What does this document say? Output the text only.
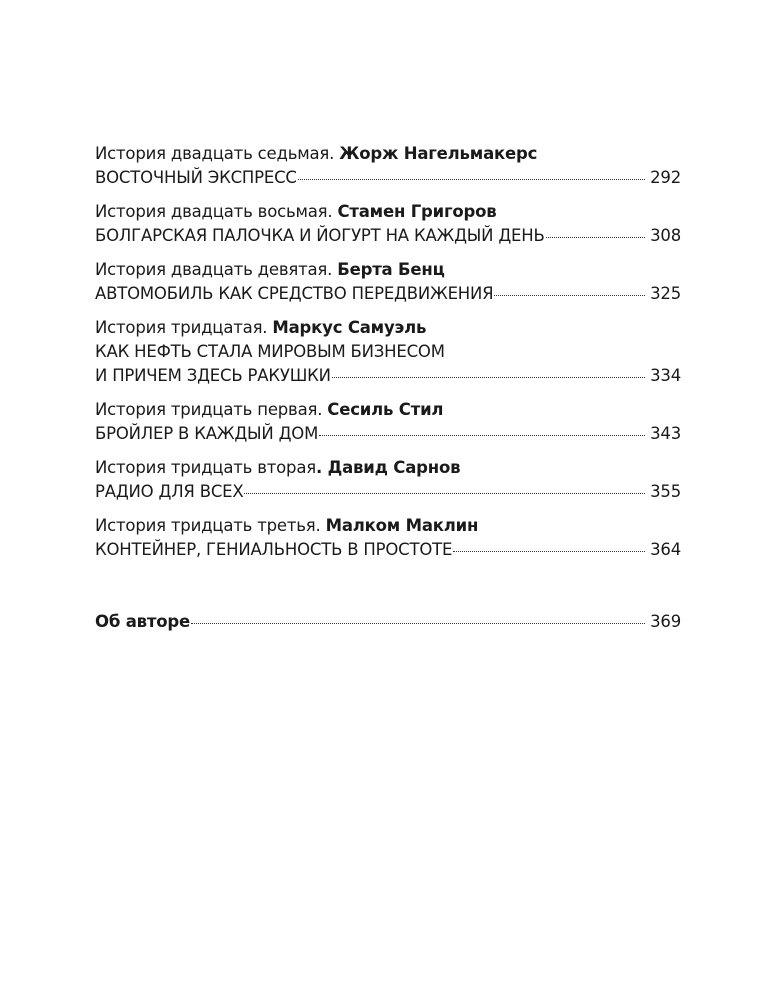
История двадцать седьмая. Жорж Нагельмакерс
ВОСТОЧНЫЙ ЭКСПРЕСС	292
История двадцать восьмая. Стамен Григоров
БОЛГАРСКАЯ ПАЛОЧКА И ЙОГУРТ НА КАЖДЫЙ ДЕНЬ	308
История двадцать девятая. Берта Бенц
АВТОМОБИЛЬ КАК СРЕДСТВО ПЕРЕДВИЖЕНИЯ	325
История тридцатая. Маркус Самуэль
КАК НЕФТЬ СТАЛА МИРОВЫМ БИЗНЕСОМ
И ПРИЧЕМ ЗДЕСЬ РАКУШКИ	334
История тридцать первая. Сесиль Стил
БРОЙЛЕР В КАЖДЫЙ ДОМ	343
История тридцать вторая. Давид Сарнов
РАДИО ДЛЯ ВСЕХ	355
История тридцать третья. Малком Маклин
КОНТЕЙНЕР, ГЕНИАЛЬНОСТЬ В ПРОСТОТЕ	364
Об авторе	369
